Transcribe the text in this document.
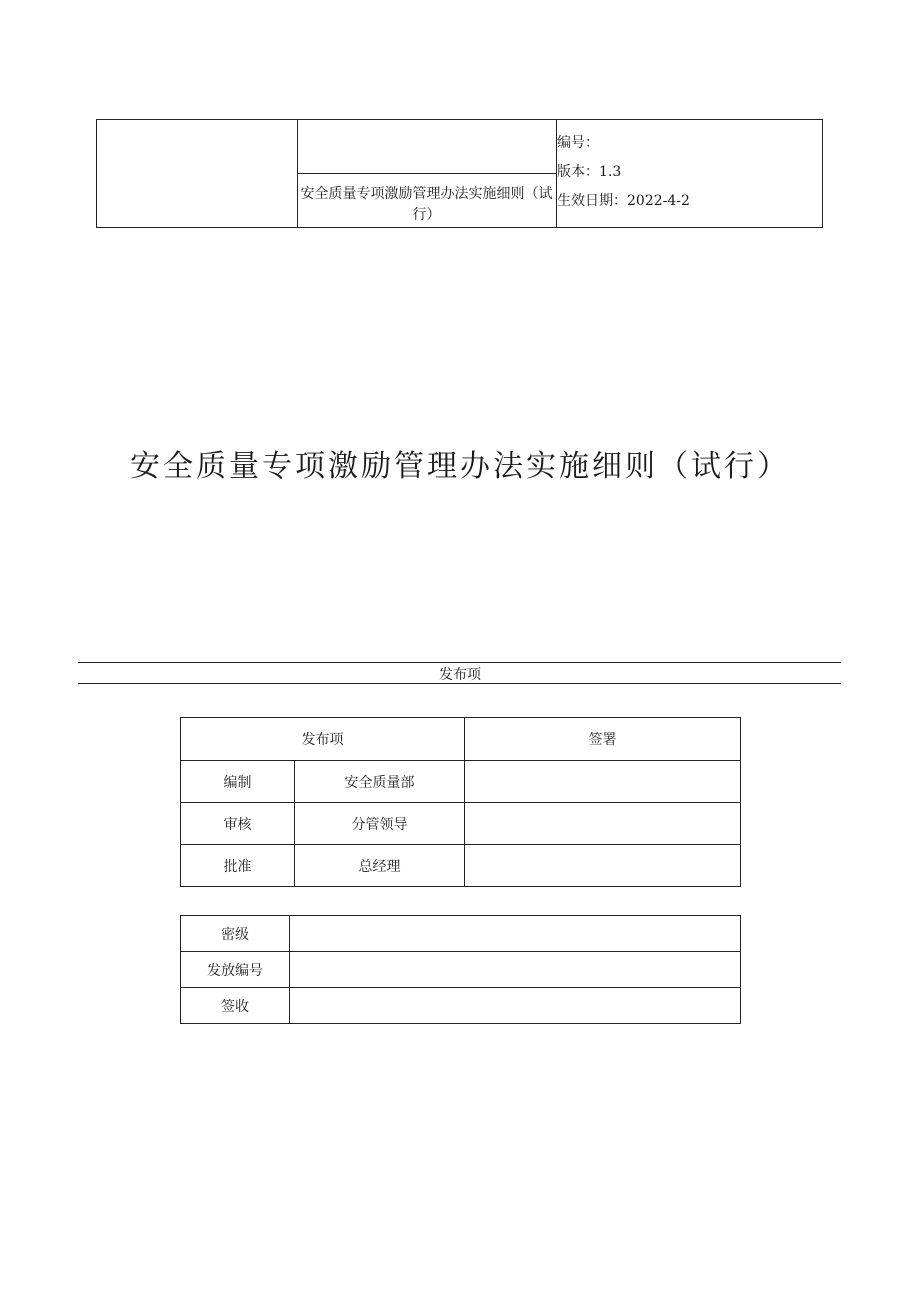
安全质量专项激励管理办法实施细则（试行）
编号：
版本：1.3
生效日期：2022-4-2
安全质量专项激励管理办法实施细则（试行）
发布项
发布项		签署
编制	安全质量部	
审核	分管领导	
批准	总经理	
密级	
发放编号	
签收	
